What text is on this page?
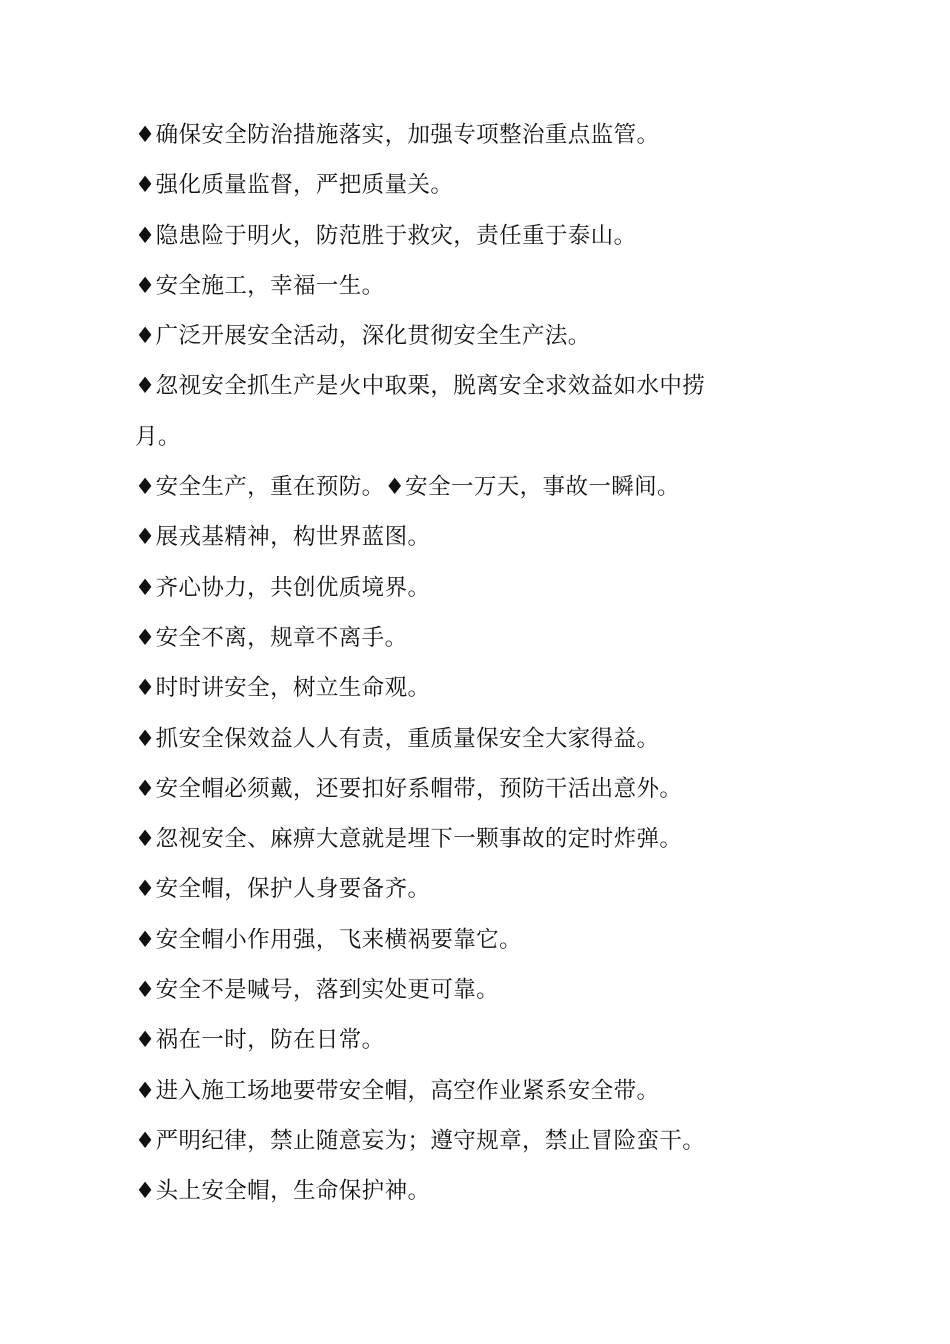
♦确保安全防治措施落实，加强专项整治重点监管。
♦强化质量监督，严把质量关。
♦隐患险于明火，防范胜于救灾，责任重于泰山。
♦安全施工，幸福一生。
♦广泛开展安全活动，深化贯彻安全生产法。
♦忽视安全抓生产是火中取栗，脱离安全求效益如水中捞
月。
♦安全生产，重在预防。♦安全一万天，事故一瞬间。
♦展戎基精神，构世界蓝图。
♦齐心协力，共创优质境界。
♦安全不离，规章不离手。
♦时时讲安全，树立生命观。
♦抓安全保效益人人有责，重质量保安全大家得益。
♦安全帽必须戴，还要扣好系帽带，预防干活出意外。
♦忽视安全、麻痹大意就是埋下一颗事故的定时炸弹。
♦安全帽，保护人身要备齐。
♦安全帽小作用强，飞来横祸要靠它。
♦安全不是喊号，落到实处更可靠。
♦祸在一时，防在日常。
♦进入施工场地要带安全帽，高空作业紧系安全带。
♦严明纪律，禁止随意妄为；遵守规章，禁止冒险蛮干。
♦头上安全帽，生命保护神。
